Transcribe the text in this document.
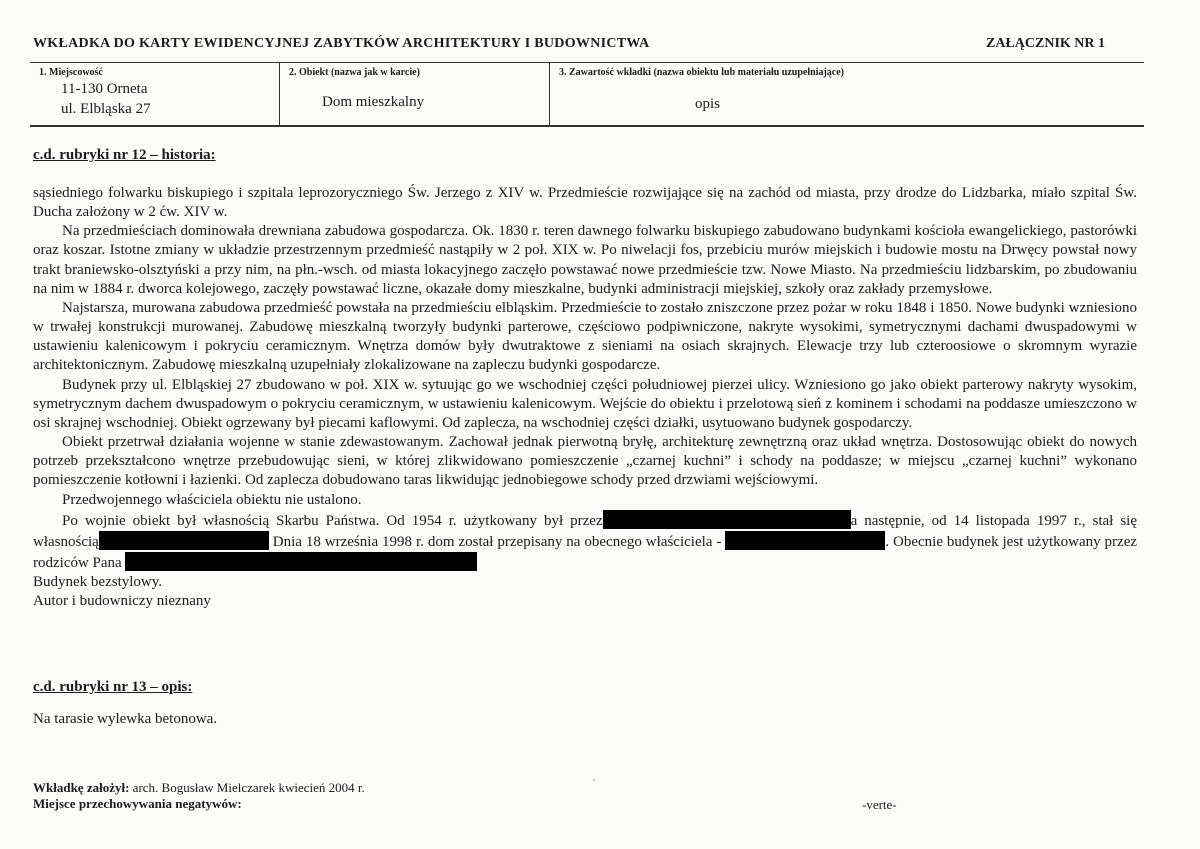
WKŁADKA DO KARTY EWIDENCYJNEJ ZABYTKÓW ARCHITEKTURY I BUDOWNICTWA	ZAŁĄCZNIK NR 1
1. Miejscowość
11-130 Orneta
ul. Elbląska 27
2. Obiekt (nazwa jak w karcie)
Dom mieszkalny
3. Zawartość wkładki (nazwa obiektu lub materiału uzupełniające)
opis
c.d. rubryki nr 12 – historia:

sąsiedniego folwarku biskupiego i szpitala leprozoryczniego Św. Jerzego z XIV w. Przedmieście rozwijające się na zachód od miasta, przy drodze do Lidzbarka, miało szpital Św. Ducha założony w 2 ćw. XIV w.

Na przedmieściach dominowała drewniana zabudowa gospodarcza. Ok. 1830 r. teren dawnego folwarku biskupiego zabudowano budynkami kościoła ewangelickiego, pastorówki oraz koszar. Istotne zmiany w układzie przestrzennym przedmieść nastąpiły w 2 poł. XIX w. Po niwelacji fos, przebiciu murów miejskich i budowie mostu na Drwęcy powstał nowy trakt braniewsko-olsztyński a przy nim, na płn.-wsch. od miasta lokacyjnego zaczęło powstawać nowe przedmieście tzw. Nowe Miasto. Na przedmieściu lidzbarskim, po zbudowaniu na nim w 1884 r. dworca kolejowego, zaczęły powstawać liczne, okazałe domy mieszkalne, budynki administracji miejskiej, szkoły oraz zakłady przemysłowe.

Najstarsza, murowana zabudowa przedmieść powstała na przedmieściu elbląskim. Przedmieście to zostało zniszczone przez pożar w roku 1848 i 1850. Nowe budynki wzniesiono w trwałej konstrukcji murowanej. Zabudowę mieszkalną tworzyły budynki parterowe, częściowo podpiwniczone, nakryte wysokimi, symetrycznymi dachami dwuspadowymi w ustawieniu kalenicowym i pokryciu ceramicznym. Wnętrza domów były dwutraktowe z sieniami na osiach skrajnych. Elewacje trzy lub czteroosiowe o skromnym wyrazie architektonicznym. Zabudowę mieszkalną uzupełniały zlokalizowane na zapleczu budynki gospodarcze.

Budynek przy ul. Elbląskiej 27 zbudowano w poł. XIX w. sytuując go we wschodniej części południowej pierzei ulicy. Wzniesiono go jako obiekt parterowy nakryty wysokim, symetrycznym dachem dwuspadowym o pokryciu ceramicznym, w ustawieniu kalenicowym. Wejście do obiektu i przelotową sień z kominem i schodami na poddasze umieszczono w osi skrajnej wschodniej. Obiekt ogrzewany był piecami kaflowymi. Od zaplecza, na wschodniej części działki, usytuowano budynek gospodarczy.

Obiekt przetrwał działania wojenne w stanie zdewastowanym. Zachował jednak pierwotną bryłę, architekturę zewnętrzną oraz układ wnętrza. Dostosowując obiekt do nowych potrzeb przekształcono wnętrze przebudowując sieni, w której zlikwidowano pomieszczenie „czarnej kuchni” i schody na poddasze; w miejscu „czarnej kuchni” wykonano pomieszczenie kotłowni i łazienki. Od zaplecza dobudowano taras likwidując jednobiegowe schody przed drzwiami wejściowymi.

Przedwojennego właściciela obiektu nie ustalono.

Po wojnie obiekt był własnością Skarbu Państwa. Od 1954 r. użytkowany był przez	a następnie, od 14 listopada 1997 r., stał się własnością	Dnia 18 września 1998 r. dom został przepisany na obecnego właściciela -	. Obecnie budynek jest użytkowany przez rodziców Pana

Budynek bezstylowy.

Autor i budowniczy nieznany

c.d. rubryki nr 13 – opis:
Na tarasie wylewka betonowa.
′
Wkładkę założył: arch. Bogusław Mielczarek kwiecień 2004 r.
Miejsce przechowywania negatywów:	-verte-
